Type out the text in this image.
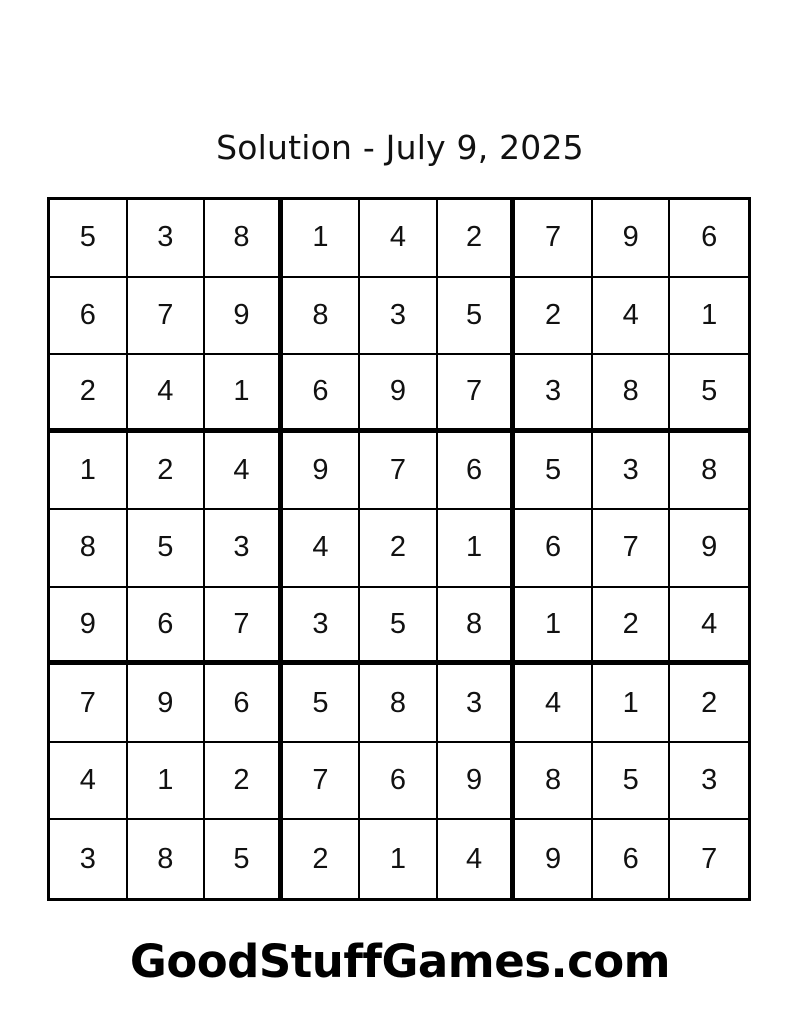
Solution - July 9, 2025
5	3	8	1	4	2	7	9	6
6	7	9	8	3	5	2	4	1
2	4	1	6	9	7	3	8	5
1	2	4	9	7	6	5	3	8
8	5	3	4	2	1	6	7	9
9	6	7	3	5	8	1	2	4
7	9	6	5	8	3	4	1	2
4	1	2	7	6	9	8	5	3
3	8	5	2	1	4	9	6	7
GoodStuffGames.com
